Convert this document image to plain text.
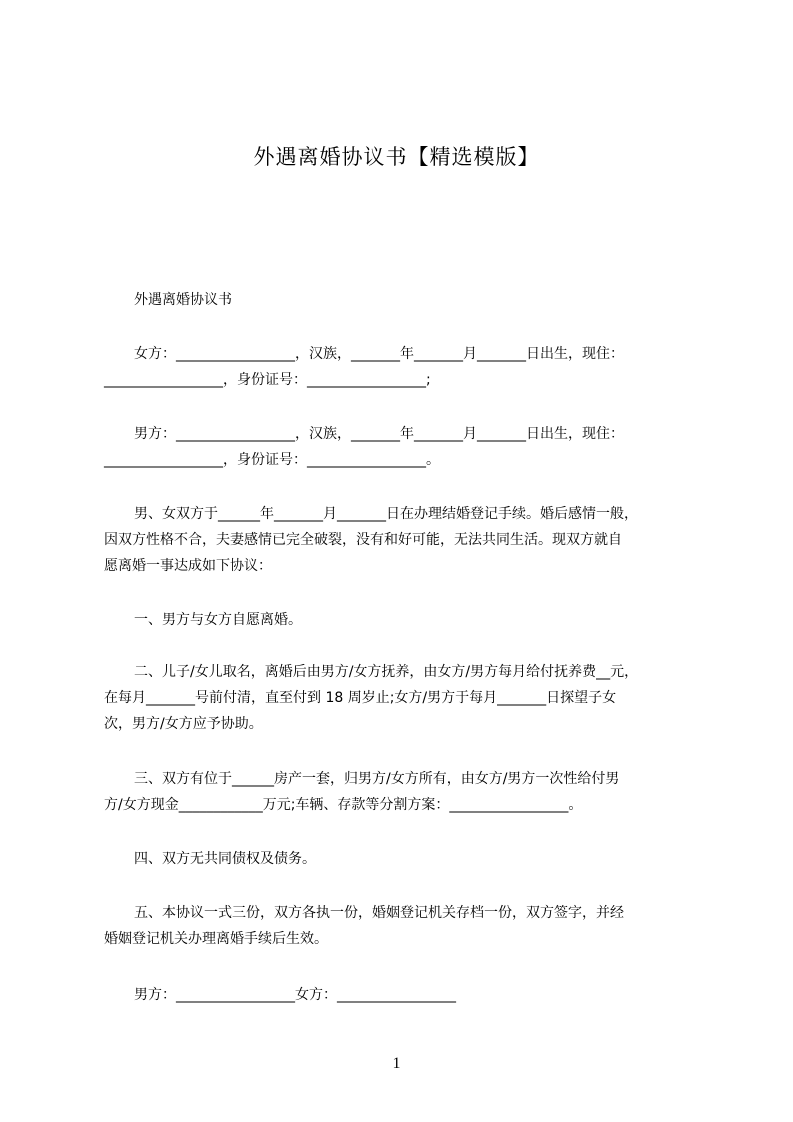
外遇离婚协议书【精选模版】
外遇离婚协议书
女方：_________________，汉族，_______年_______月_______日出生，现住：
_________________，身份证号：_________________;
男方：_________________，汉族，_______年_______月_______日出生，现住：
_________________，身份证号：_________________。
男、女双方于______年_______月_______日在办理结婚登记手续。婚后感情一般，
因双方性格不合，夫妻感情已完全破裂，没有和好可能，无法共同生活。现双方就自
愿离婚一事达成如下协议：
一、男方与女方自愿离婚。
二、儿子/女儿取名，离婚后由男方/女方抚养，由女方/男方每月给付抚养费__元，
在每月_______号前付清，直至付到 18 周岁止;女方/男方于每月_______日探望子女
次，男方/女方应予协助。
三、双方有位于______房产一套，归男方/女方所有，由女方/男方一次性给付男
方/女方现金____________万元;车辆、存款等分割方案：_________________。
四、双方无共同债权及债务。
五、本协议一式三份，双方各执一份，婚姻登记机关存档一份，双方签字，并经
婚姻登记机关办理离婚手续后生效。
男方：_________________女方：_________________
1
